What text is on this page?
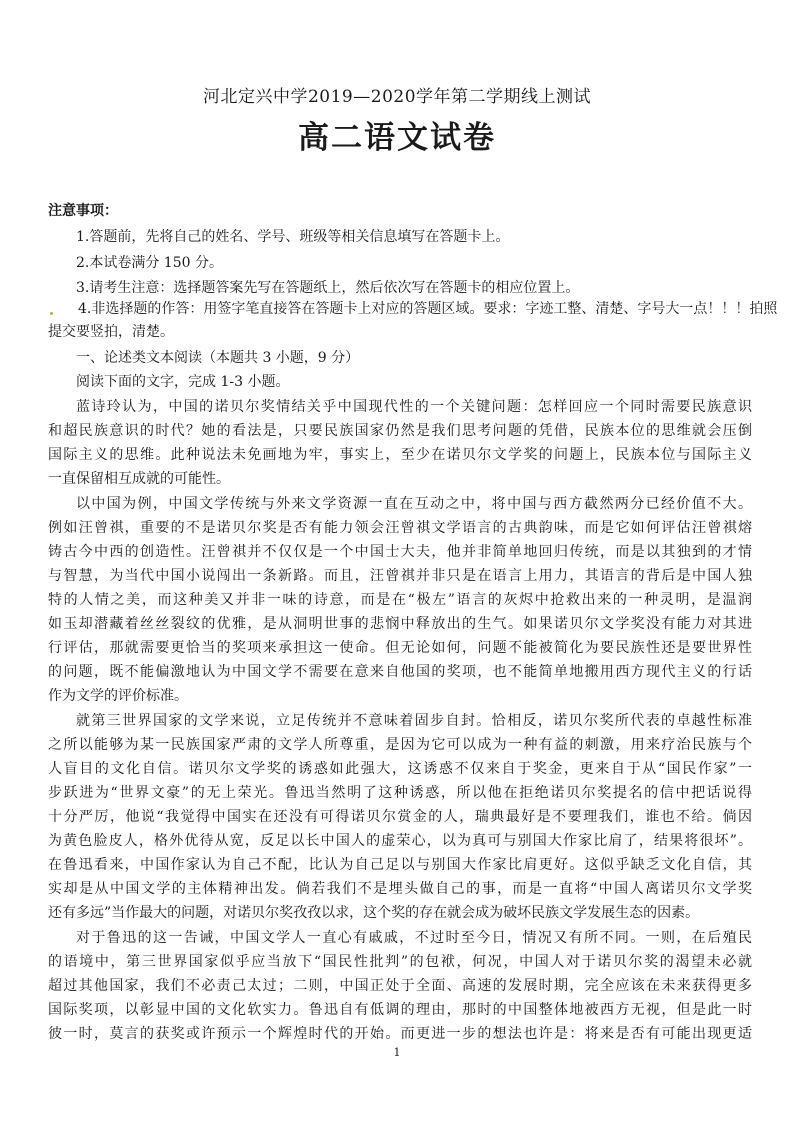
河北定兴中学2019—2020学年第二学期线上测试
高二语文试卷
注意事项：
1.答题前，先将自己的姓名、学号、班级等相关信息填写在答题卡上。
2.本试卷满分 150 分。
3.请考生注意：选择题答案先写在答题纸上，然后依次写在答题卡的相应位置上。
4.非选择题的作答：用签字笔直接答在答题卡上对应的答题区域。要求：字迹工整、清楚、字号大一点！！！拍照提交要竖拍，清楚。
一、论述类文本阅读（本题共 3 小题，9 分）
阅读下面的文字，完成 1-3 小题。
蓝诗玲认为，中国的诺贝尔奖情结关乎中国现代性的一个关键问题：怎样回应一个同时需要民族意识
和超民族意识的时代？她的看法是，只要民族国家仍然是我们思考问题的凭借，民族本位的思维就会压倒
国际主义的思维。此种说法未免画地为牢，事实上，至少在诺贝尔文学奖的问题上，民族本位与国际主义
一直保留相互成就的可能性。
以中国为例，中国文学传统与外来文学资源一直在互动之中，将中国与西方截然两分已经价值不大。
例如汪曾祺，重要的不是诺贝尔奖是否有能力领会汪曾祺文学语言的古典韵味，而是它如何评估汪曾祺熔
铸古今中西的创造性。汪曾祺并不仅仅是一个中国士大夫，他并非简单地回归传统，而是以其独到的才情
与智慧，为当代中国小说闯出一条新路。而且，汪曾祺并非只是在语言上用力，其语言的背后是中国人独
特的人情之美，而这种美又并非一味的诗意，而是在“极左”语言的灰烬中抢救出来的一种灵明，是温润
如玉却潜藏着丝丝裂纹的优雅，是从洞明世事的悲悯中释放出的生气。如果诺贝尔文学奖没有能力对其进
行评估，那就需要更恰当的奖项来承担这一使命。但无论如何，问题不能被简化为要民族性还是要世界性
的问题，既不能偏激地认为中国文学不需要在意来自他国的奖项，也不能简单地搬用西方现代主义的行话
作为文学的评价标准。
就第三世界国家的文学来说，立足传统并不意味着固步自封。恰相反，诺贝尔奖所代表的卓越性标准
之所以能够为某一民族国家严肃的文学人所尊重，是因为它可以成为一种有益的刺激，用来疗治民族与个
人盲目的文化自信。诺贝尔文学奖的诱惑如此强大，这诱惑不仅来自于奖金，更来自于从“国民作家”一
步跃进为“世界文豪”的无上荣光。鲁迅当然明了这种诱惑，所以他在拒绝诺贝尔奖提名的信中把话说得
十分严厉，他说“我觉得中国实在还没有可得诺贝尔赏金的人，瑞典最好是不要理我们，谁也不给。倘因
为黄色脸皮人，格外优待从宽，反足以长中国人的虚荣心，以为真可与别国大作家比肩了，结果将很坏”。
在鲁迅看来，中国作家认为自己不配，比认为自己足以与别国大作家比肩更好。这似乎缺乏文化自信，其
实却是从中国文学的主体精神出发。倘若我们不是埋头做自己的事，而是一直将“中国人离诺贝尔文学奖
还有多远”当作最大的问题，对诺贝尔奖孜孜以求，这个奖的存在就会成为破坏民族文学发展生态的因素。
对于鲁迅的这一告诫，中国文学人一直心有戚戚，不过时至今日，情况又有所不同。一则，在后殖民
的语境中，第三世界国家似乎应当放下“国民性批判”的包袱，何况，中国人对于诺贝尔奖的渴望未必就
超过其他国家，我们不必责己太过；二则，中国正处于全面、高速的发展时期，完全应该在未来获得更多
国际奖项，以彰显中国的文化软实力。鲁迅自有低调的理由，那时的中国整体地被西方无视，但是此一时
彼一时，莫言的获奖或许预示一个辉煌时代的开始。而更进一步的想法也许是：将来是否有可能出现更适
1
